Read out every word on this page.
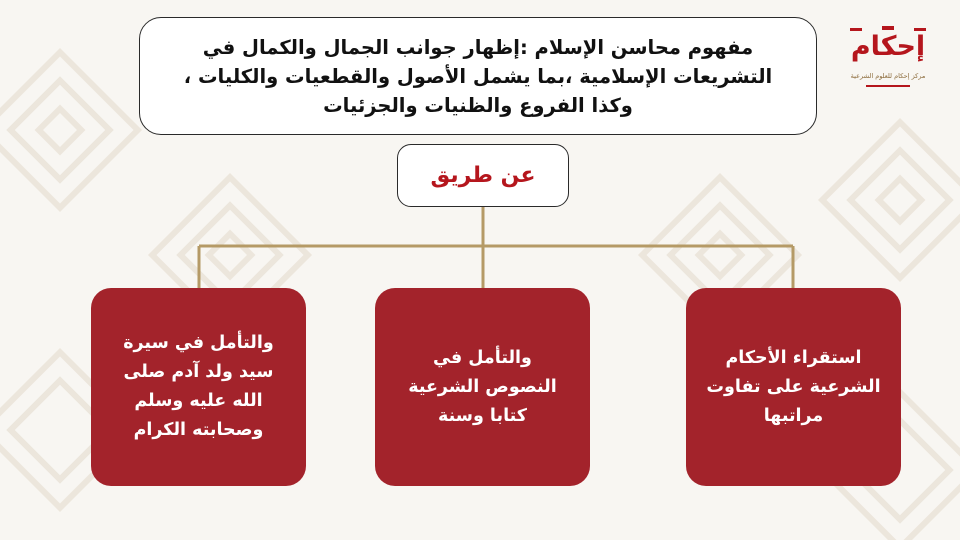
مفهوم محاسن الإسلام :إظهار جوانب الجمال والكمال في التشريعات الإسلامية ،بما يشمل الأصول والقطعيات والكليات ، وكذا الفروع والظنيات والجزئيات

عن طريق
استقراء الأحكام
الشرعية على تفاوت
مراتبها
والتأمل في
النصوص الشرعية
كتابا وسنة
والتأمل في سيرة
سيد ولد آدم صلى
الله عليه وسلم
وصحابته الكرام
إحكام
مركز إحكام للعلوم الشرعية
